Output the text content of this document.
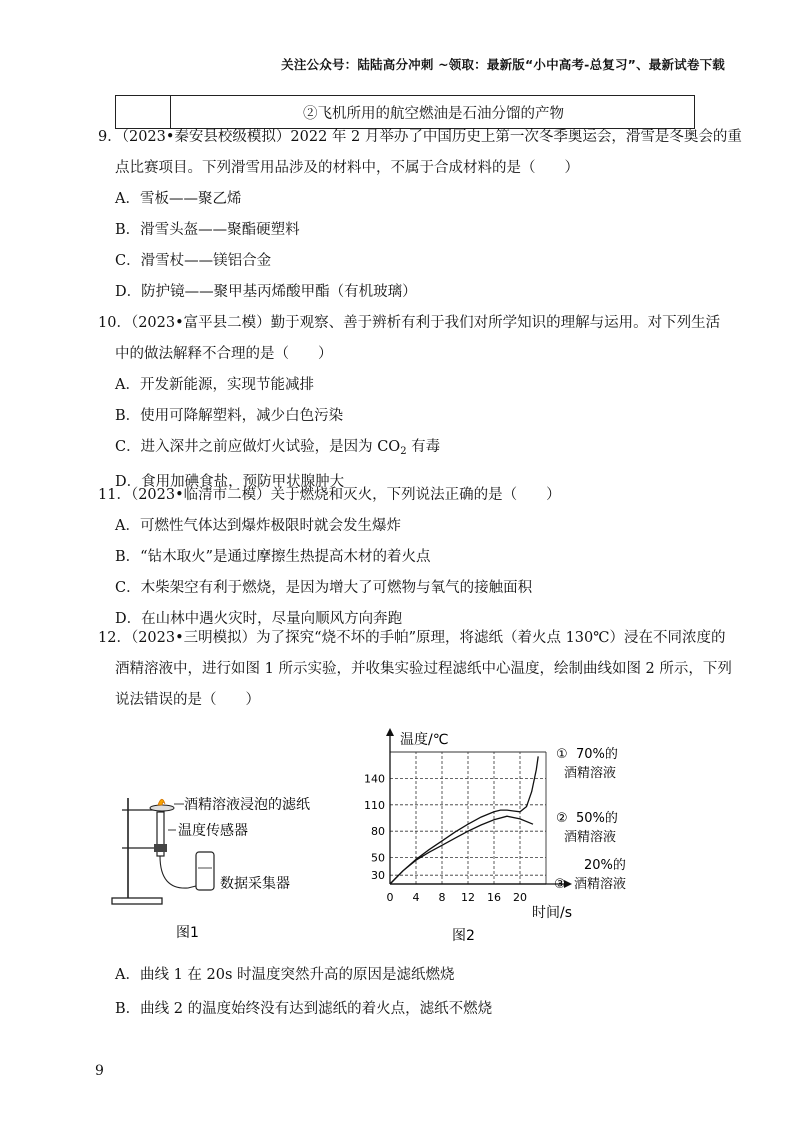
关注公众号：陆陆高分冲刺 ~领取：最新版“小中高考-总复习”、最新试卷下载
	②飞机所用的航空燃油是石油分馏的产物
9．（2023•秦安县校级模拟）2022 年 2 月举办了中国历史上第一次冬季奥运会，滑雪是冬奥会的重
点比赛项目。下列滑雪用品涉及的材料中，不属于合成材料的是（　　）
A．雪板——聚乙烯
B．滑雪头盔——聚酯硬塑料
C．滑雪杖——镁铝合金
D．防护镜——聚甲基丙烯酸甲酯（有机玻璃）
10．（2023•富平县二模）勤于观察、善于辨析有利于我们对所学知识的理解与运用。对下列生活
中的做法解释不合理的是（　　）
A．开发新能源，实现节能减排
B．使用可降解塑料，减少白色污染
C．进入深井之前应做灯火试验，是因为 $CO_2$ 有毒
D．食用加碘食盐，预防甲状腺肿大
11．（2023•临清市二模）关于燃烧和灭火，下列说法正确的是（　　）
A．可燃性气体达到爆炸极限时就会发生爆炸
B．“钻木取火”是通过摩擦生热提高木材的着火点
C．木柴架空有利于燃烧，是因为增大了可燃物与氧气的接触面积
D．在山林中遇火灾时，尽量向顺风方向奔跑
12．（2023•三明模拟）为了探究“烧不坏的手帕”原理，将滤纸（着火点 130℃）浸在不同浓度的
酒精溶液中，进行如图 1 所示实验，并收集实验过程滤纸中心温度，绘制曲线如图 2 所示，下列
说法错误的是（　　）
酒精溶液浸泡的滤纸
温度传感器
数据采集器
图1
0 4 8 12 16 20
30
50
80
110
140
温度/℃
时间/s
图2
① 70%的
酒精溶液
② 50%的
酒精溶液
20%的
③ 酒精溶液
9
A．曲线 1 在 20s 时温度突然升高的原因是滤纸燃烧
B．曲线 2 的温度始终没有达到滤纸的着火点，滤纸不燃烧
